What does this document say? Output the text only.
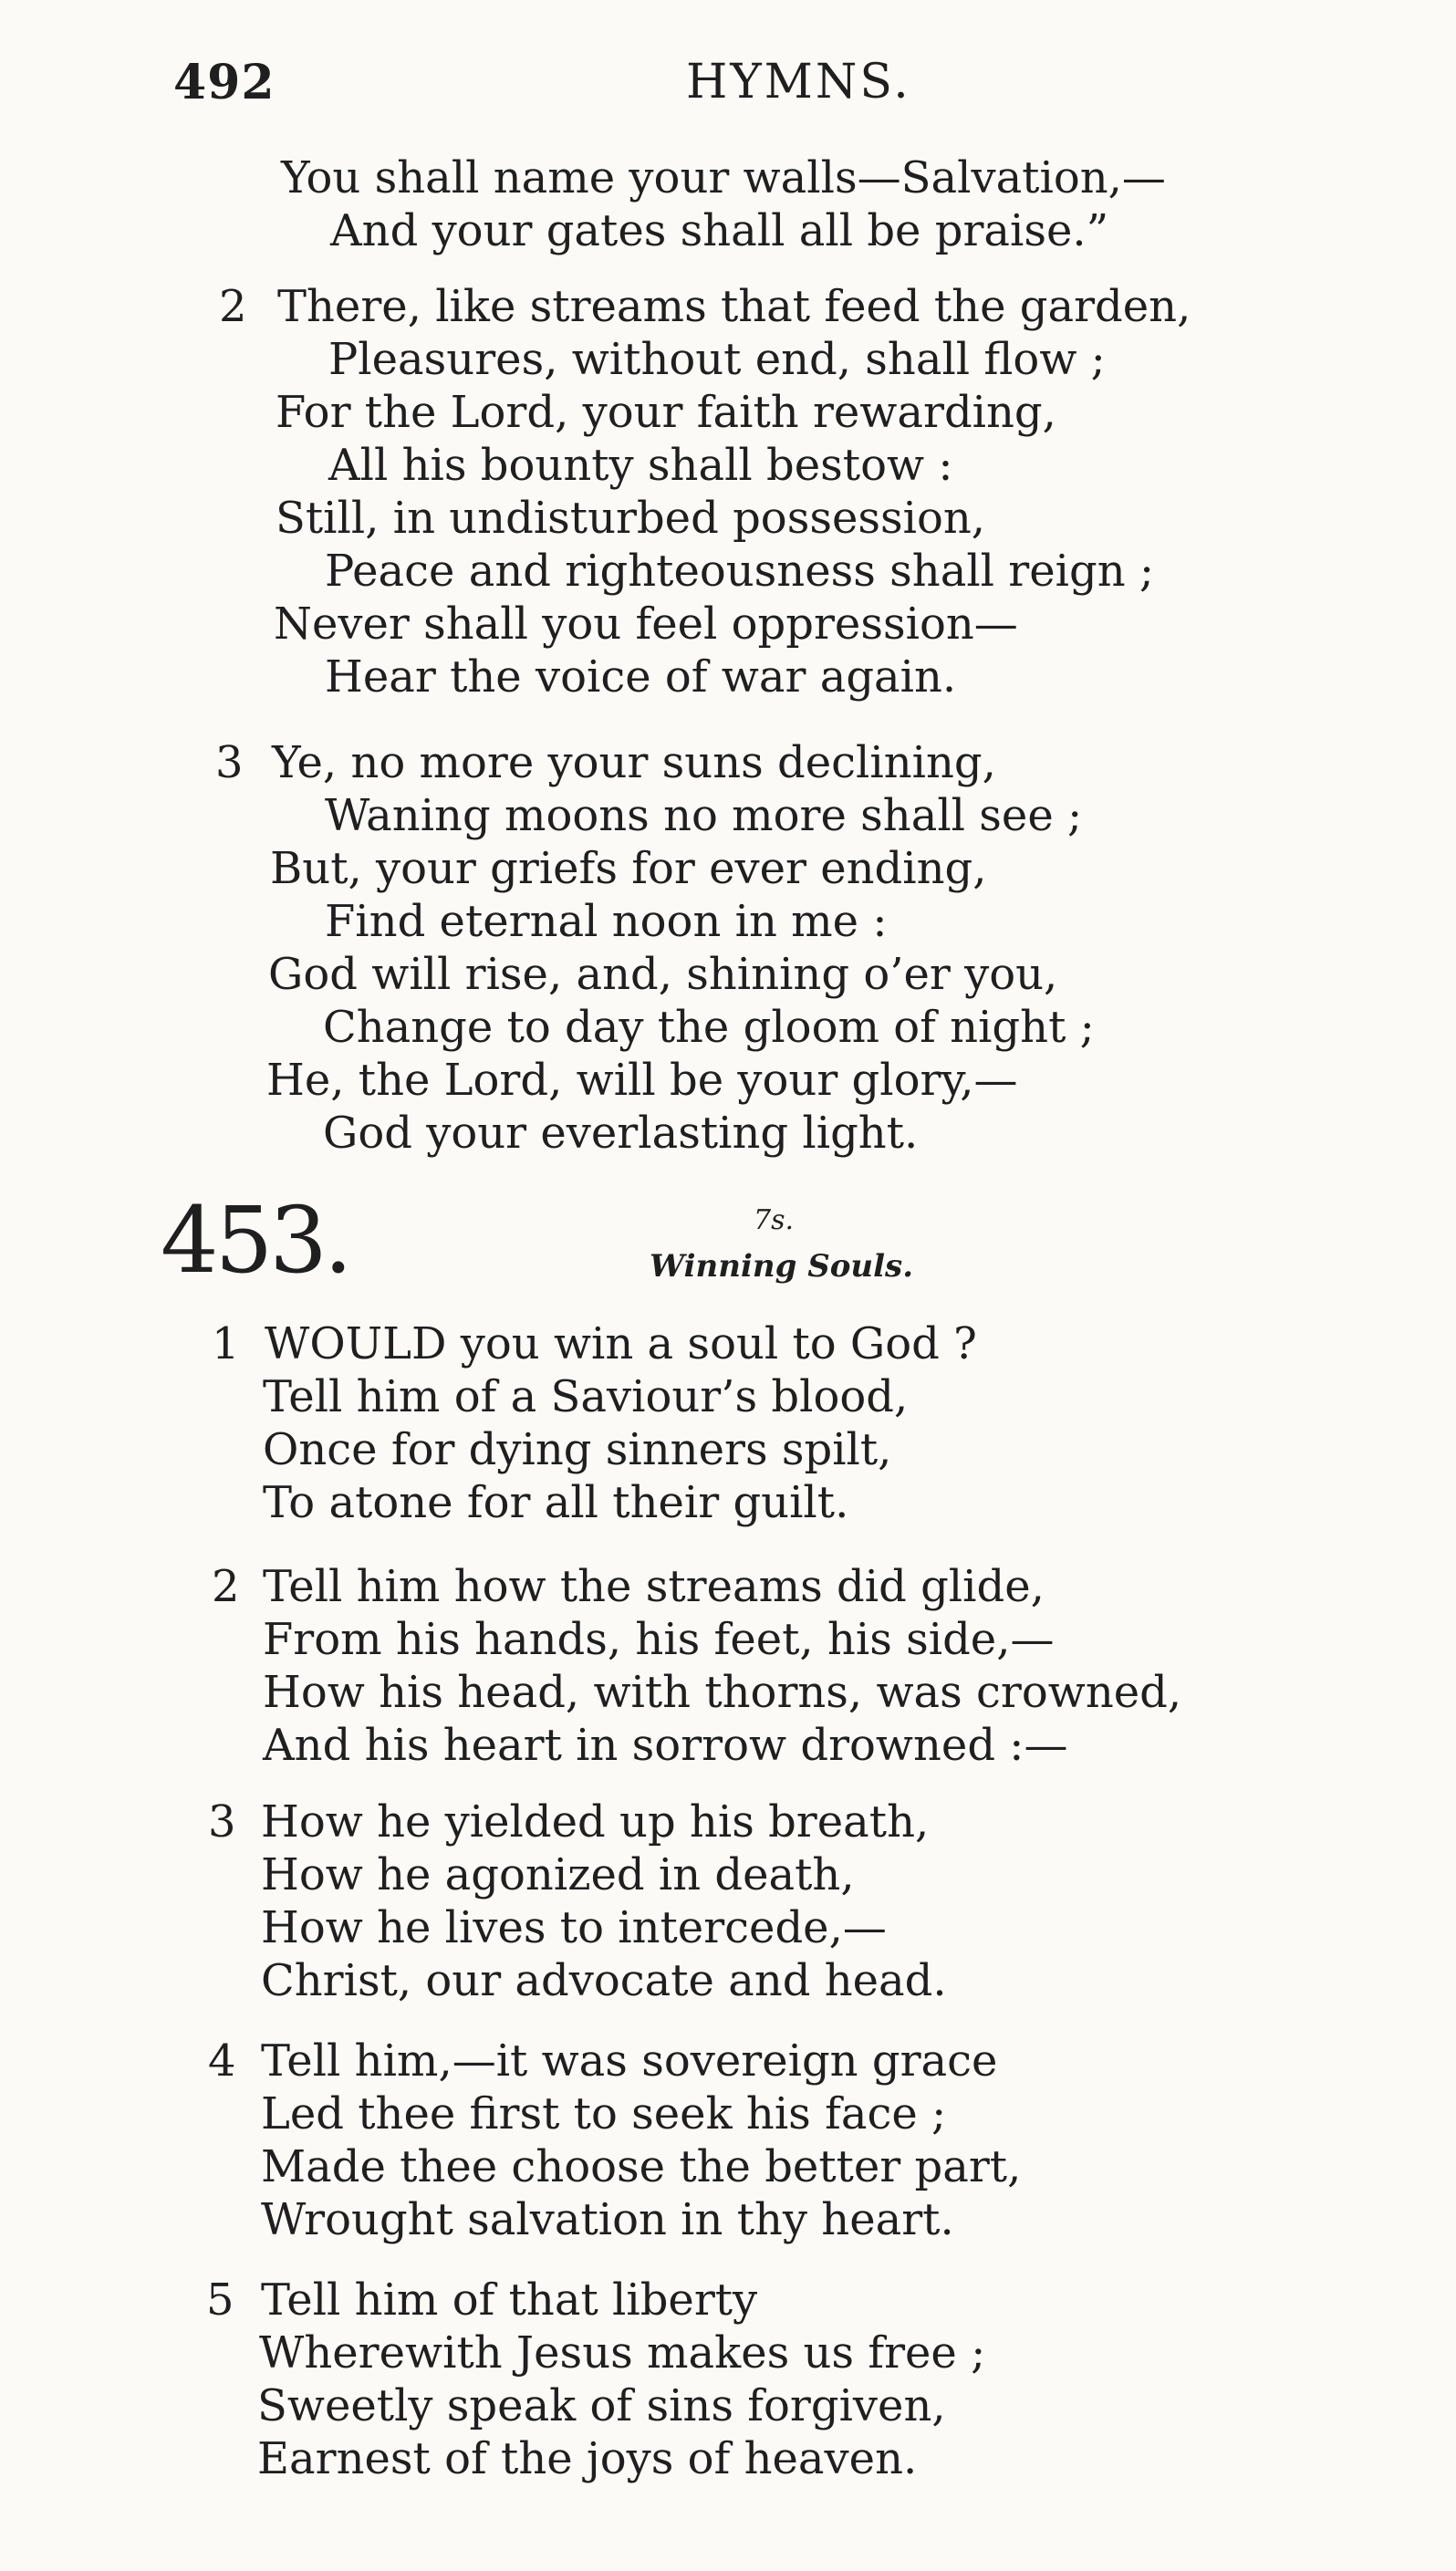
492	HYMNS.
You shall name your walls—Salvation,—
And your gates shall all be praise.”
2 There, like streams that feed the garden,
Pleasures, without end, shall flow ;
For the Lord, your faith rewarding,
All his bounty shall bestow :
Still, in undisturbed possession,
Peace and righteousness shall reign ;
Never shall you feel oppression—
Hear the voice of war again.
3 Ye, no more your suns declining,
Waning moons no more shall see ;
But, your griefs for ever ending,
Find eternal noon in me :
God will rise, and, shining o’er you,
Change to day the gloom of night ;
He, the Lord, will be your glory,—
God your everlasting light.
453.	7s.
Winning Souls.
1 WOULD you win a soul to God ?
Tell him of a Saviour’s blood,
Once for dying sinners spilt,
To atone for all their guilt.
2 Tell him how the streams did glide,
From his hands, his feet, his side,—
How his head, with thorns, was crowned,
And his heart in sorrow drowned :—
3 How he yielded up his breath,
How he agonized in death,
How he lives to intercede,—
Christ, our advocate and head.
4 Tell him,—it was sovereign grace
Led thee first to seek his face ;
Made thee choose the better part,
Wrought salvation in thy heart.
5 Tell him of that liberty
Wherewith Jesus makes us free ;
Sweetly speak of sins forgiven,
Earnest of the joys of heaven.
